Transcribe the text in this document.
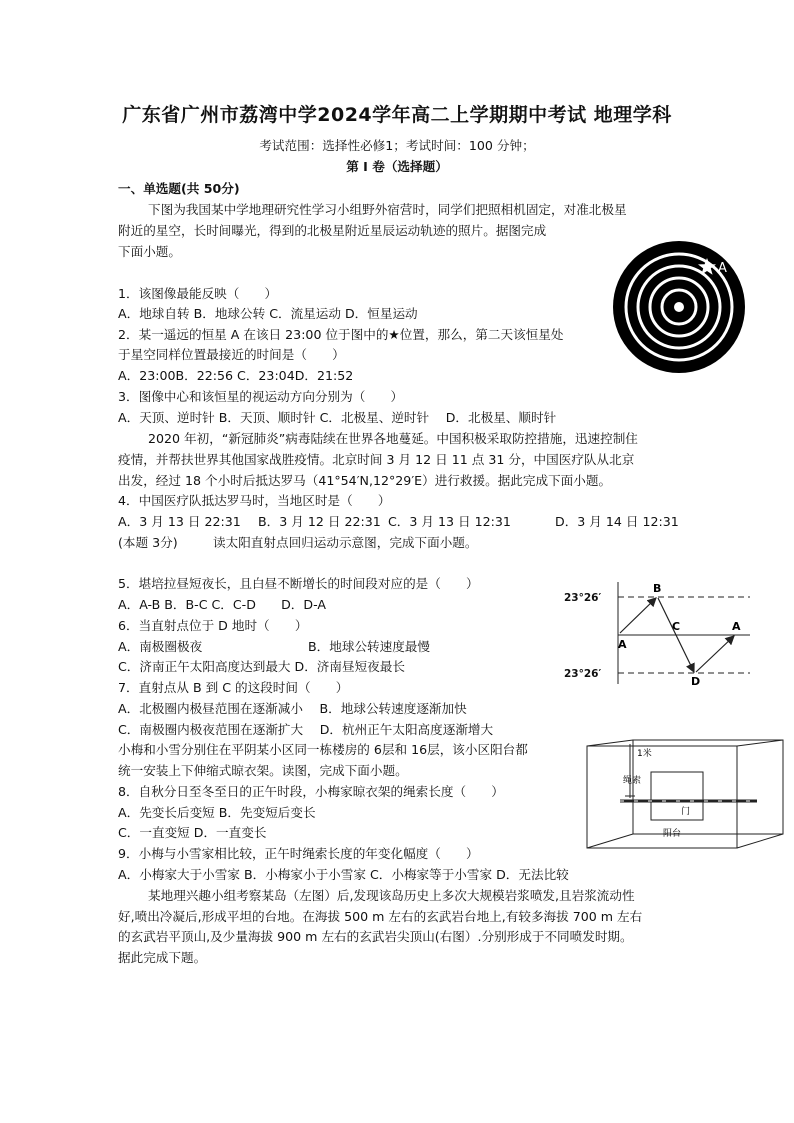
广东省广州市荔湾中学2024学年高二上学期期中考试 地理学科
考试范围：选择性必修1；考试时间：100 分钟；
第 I 卷（选择题）
一、单选题(共 50分)
下图为我国某中学地理研究性学习小组野外宿营时，同学们把照相机固定，对准北极星
附近的星空，长时间曝光，得到的北极星附近星辰运动轨迹的照片。据图完成
下面小题。
1．该图像最能反映（　　）
A．地球自转 B．地球公转 C．流星运动 D．恒星运动
2．某一遥远的恒星 A 在该日 23:00 位于图中的★位置，那么，第二天该恒星处
于星空同样位置最接近的时间是（　　）
A．23:00B．22:56 C．23:04D．21:52
3．图像中心和该恒星的视运动方向分别为（　　）
A．天顶、逆时针 B．天顶、顺时针 C．北极星、逆时针　 D．北极星、顺时针
2020 年初，“新冠肺炎”病毒陆续在世界各地蔓延。中国积极采取防控措施，迅速控制住
疫情，并帮扶世界其他国家战胜疫情。北京时间 3 月 12 日 11 点 31 分，中国医疗队从北京
出发，经过 18 个小时后抵达罗马（41°54′N,12°29′E）进行救援。据此完成下面小题。
4．中国医疗队抵达罗马时，当地区时是（　　）
A．3 月 13 日 22:31 B．3 月 12 日 22:31 C．3 月 13 日 12:31	D．3 月 14 日 12:31
(本题 3分)	读太阳直射点回归运动示意图，完成下面小题。
5．堪培拉昼短夜长，且白昼不断增长的时间段对应的是（　　）
A．A-B B．B-C C．C-D　　D．D-A
6．当直射点位于 D 地时（　　）
A．南极圈极夜	B．地球公转速度最慢
C．济南正午太阳高度达到最大 D．济南昼短夜最长
7．直射点从 B 到 C 的这段时间（　　）
A．北极圈内极昼范围在逐渐减小　 B．地球公转速度逐渐加快
C．南极圈内极夜范围在逐渐扩大　 D．杭州正午太阳高度逐渐增大
小梅和小雪分别住在平阴某小区同一栋楼房的 6层和 16层，该小区阳台都
统一安装上下伸缩式晾衣架。读图，完成下面小题。
8．自秋分日至冬至日的正午时段，小梅家晾衣架的绳索长度（　　）
A．先变长后变短 B．先变短后变长
C．一直变短 D．一直变长
9．小梅与小雪家相比较，正午时绳索长度的年变化幅度（　　）
A．小梅家大于小雪家 B．小梅家小于小雪家 C．小梅家等于小雪家 D．无法比较
某地理兴趣小组考察某岛（左图）后,发现该岛历史上多次大规模岩浆喷发,且岩浆流动性
好,喷出冷凝后,形成平坦的台地。在海拔 500 m 左右的玄武岩台地上,有较多海拔 700 m 左右
的玄武岩平顶山,及少量海拔 900 m 左右的玄武岩尖顶山(右图）.分别形成于不同喷发时期。
据此完成下题。
A
23°26′
23°26′
A
B
C	A
D
1米
绳索
门
阳台
